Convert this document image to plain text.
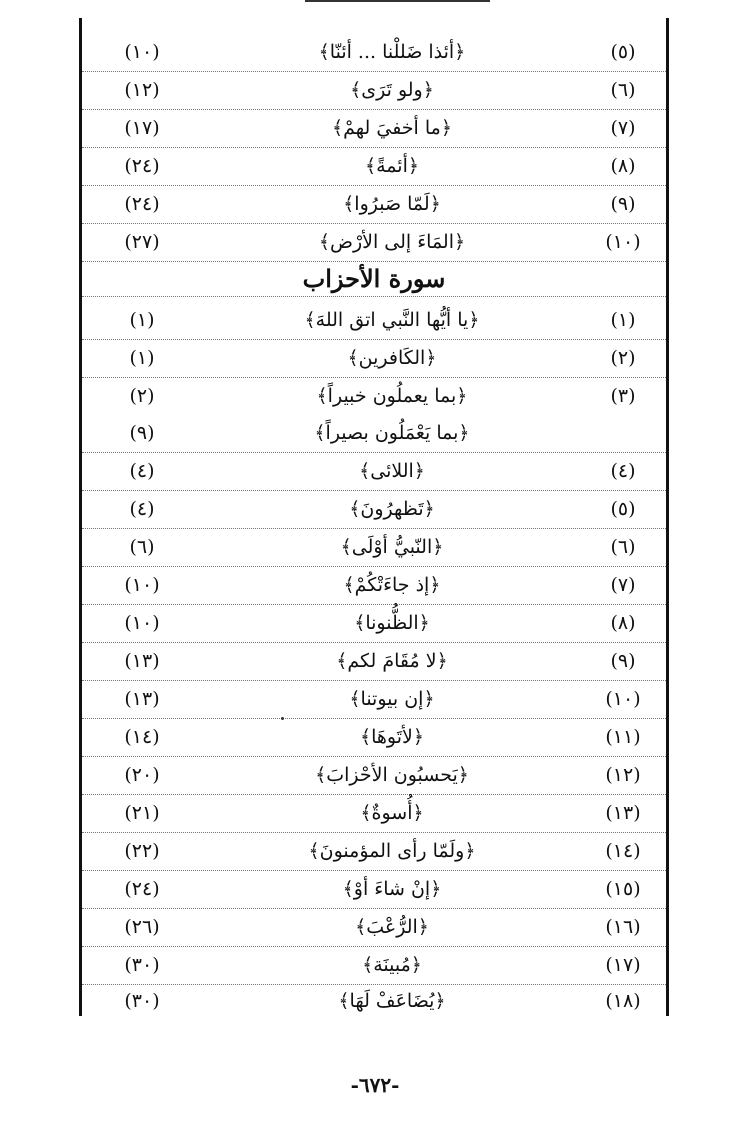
(٥)
﴿أئذا ضَللْنا ... أئنّا﴾
(١٠)
(٦)
﴿ولو تَرَى﴾
(١٢)
(٧)
﴿ما أخفيَ لهمْ﴾
(١٧)
(٨)
﴿أئمةً﴾
(٢٤)
(٩)
﴿لَمّا صَبرُوا﴾
(٢٤)
(١٠)
﴿المَاءَ إلى الأرْض﴾
(٢٧)
سورة الأحزاب
(١)
﴿يا أيُّها النَّبي اتق اللهَ﴾
(١)
(٢)
﴿الكَافرين﴾
(١)
(٣)
﴿بما يعملُون خبيراً﴾
(٢)
﴿بما يَعْمَلُون بصيراً﴾
(٩)
(٤)
﴿اللائى﴾
(٤)
(٥)
﴿تَظهرُونَ﴾
(٤)
(٦)
﴿النّبيُّ أوْلَى﴾
(٦)
(٧)
﴿إذ جاءَتْكُمْ﴾
(١٠)
(٨)
﴿الظُّنونا﴾
(١٠)
(٩)
﴿لا مُقَامَ لكم﴾
(١٣)
(١٠)
﴿إن بيوتنا﴾
(١٣)
(١١)
﴿لأتَوهَا﴾
(١٤)
(١٢)
﴿يَحسبُون الأحْزابَ﴾
(٢٠)
(١٣)
﴿أُسوةٌ﴾
(٢١)
(١٤)
﴿ولَمّا رأى المؤمنونَ﴾
(٢٢)
(١٥)
﴿إنْ شاءَ أوْ﴾
(٢٤)
(١٦)
﴿الرُّعْبَ﴾
(٢٦)
(١٧)
﴿مُبينَة﴾
(٣٠)
(١٨)
﴿يُضَاعَفْ لَهَا﴾
(٣٠)
-٦٧٢-
